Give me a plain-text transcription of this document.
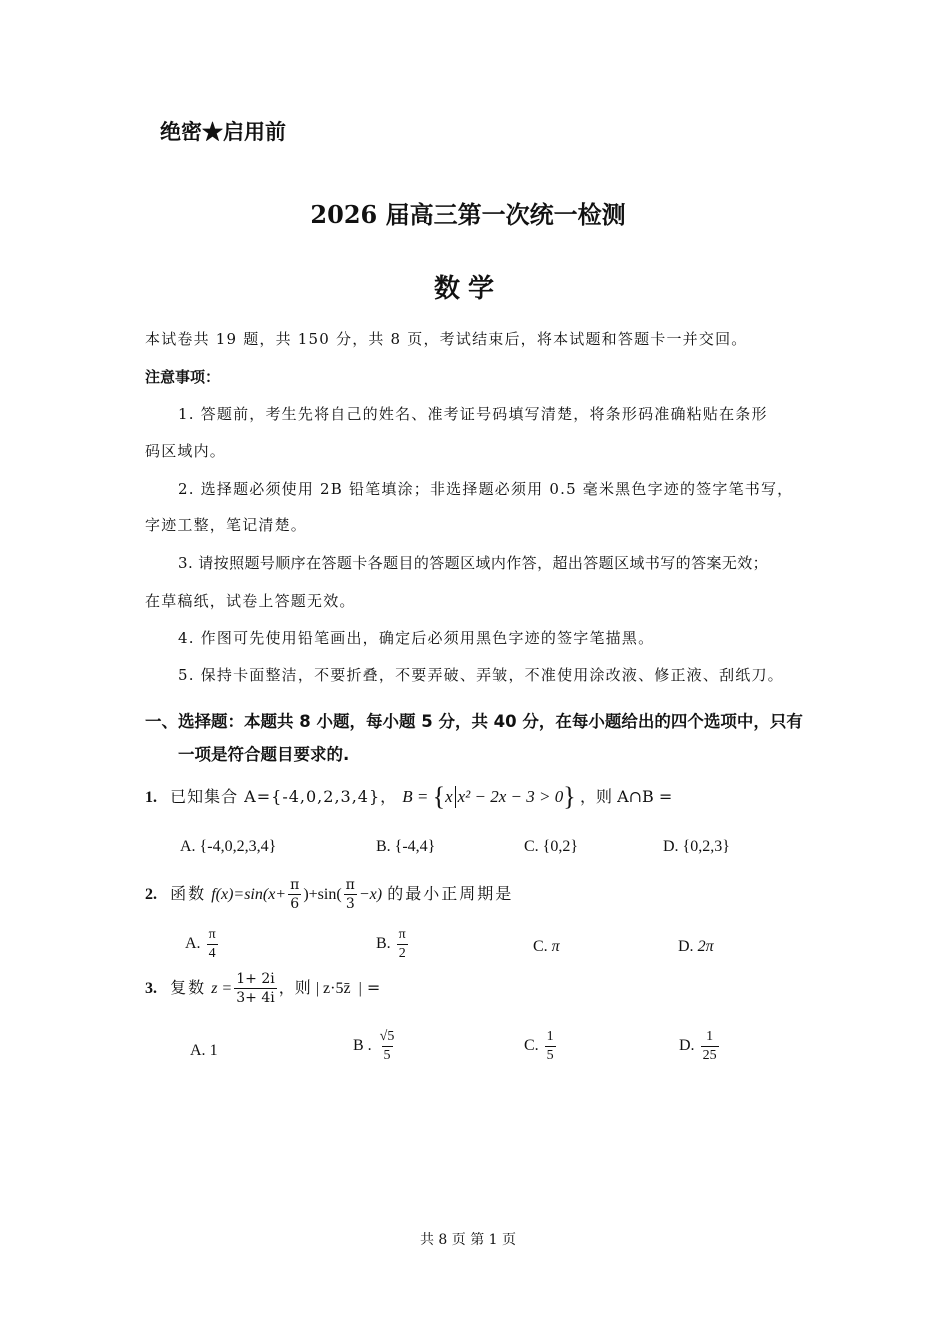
绝密★启用前
2026 届高三第一次统一检测
数学
本试卷共 19 题，共 150 分，共 8 页，考试结束后，将本试题和答题卡一并交回。
注意事项：
1. 答题前，考生先将自己的姓名、准考证号码填写清楚，将条形码准确粘贴在条形
码区域内。
2. 选择题必须使用 2B 铅笔填涂；非选择题必须用 0.5 毫米黑色字迹的签字笔书写，
字迹工整，笔记清楚。
3. 请按照题号顺序在答题卡各题目的答题区域内作答，超出答题区域书写的答案无效；
在草稿纸，试卷上答题无效。
4. 作图可先使用铅笔画出，确定后必须用黑色字迹的签字笔描黑。
5. 保持卡面整洁，不要折叠，不要弄破、弄皱，不准使用涂改液、修正液、刮纸刀。
一、选择题：本题共 8 小题，每小题 5 分，共 40 分，在每小题给出的四个选项中，只有
一项是符合题目要求的.
1. 已知集合 A={-4,0,2,3,4}， B = {x x² − 2x − 3 > 0} ，则 A∩B =
A. {-4,0,2,3,4}	B. {-4,4}	C. {0,2}	D. {0,2,3}
2. 函数 $f(x)=\sin(x+ \frac{\pi}{6} )+\sin( \frac{\pi}{3} -x)$ 的最小正周期是
A. $\frac{\pi}{4}$	B. $\frac{\pi}{2}$	C. π	D. 2π
3. 复数 $z = \frac{1+ 2i}{3+ 4i}$ ，则 | z·5z̄  | =
A. 1	B . $\frac{√5}{5}$	C. $\frac{1}{5}$	D. $\frac{1}{25}$
共 8 页 第 1 页
